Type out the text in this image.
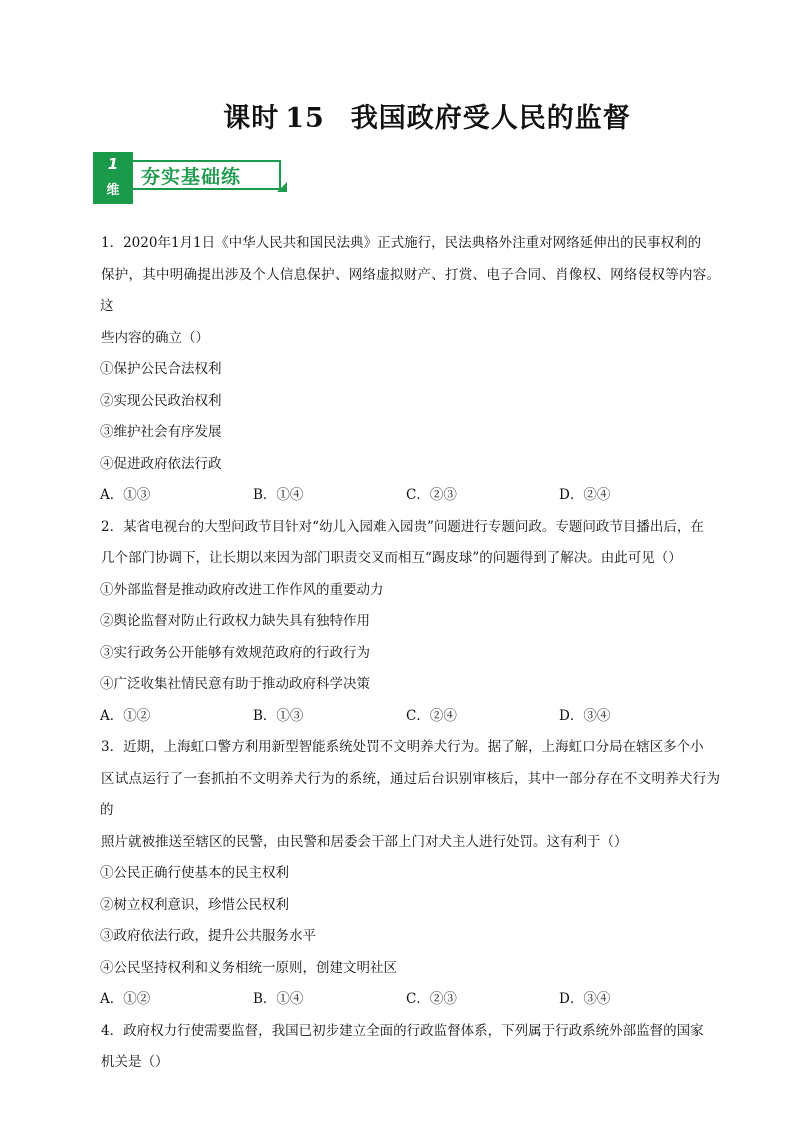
课时 15 我国政府受人民的监督
1
维
夯实基础练

1．2020年1月1日《中华人民共和国民法典》正式施行，民法典格外注重对网络延伸出的民事权利的

保护，其中明确提出涉及个人信息保护、网络虚拟财产、打赏、电子合同、肖像权、网络侵权等内容。这

些内容的确立（）

①保护公民合法权利

②实现公民政治权利

③维护社会有序发展

④促进政府依法行政

A．①③	B．①④	C．②③	D．②④

2．某省电视台的大型问政节目针对“幼儿入园难入园贵”问题进行专题问政。专题问政节目播出后，在

几个部门协调下，让长期以来因为部门职责交叉而相互“踢皮球”的问题得到了解决。由此可见（）

①外部监督是推动政府改进工作作风的重要动力

②舆论监督对防止行政权力缺失具有独特作用

③实行政务公开能够有效规范政府的行政行为

④广泛收集社情民意有助于推动政府科学决策

A．①②	B．①③	C．②④	D．③④

3．近期，上海虹口警方利用新型智能系统处罚不文明养犬行为。据了解，上海虹口分局在辖区多个小

区试点运行了一套抓拍不文明养犬行为的系统，通过后台识别审核后，其中一部分存在不文明养犬行为的

照片就被推送至辖区的民警，由民警和居委会干部上门对犬主人进行处罚。这有利于（）

①公民正确行使基本的民主权利

②树立权利意识，珍惜公民权利

③政府依法行政，提升公共服务水平

④公民坚持权利和义务相统一原则，创建文明社区

A．①②	B．①④	C．②③	D．③④

4．政府权力行使需要监督，我国已初步建立全面的行政监督体系，下列属于行政系统外部监督的国家

机关是（）
